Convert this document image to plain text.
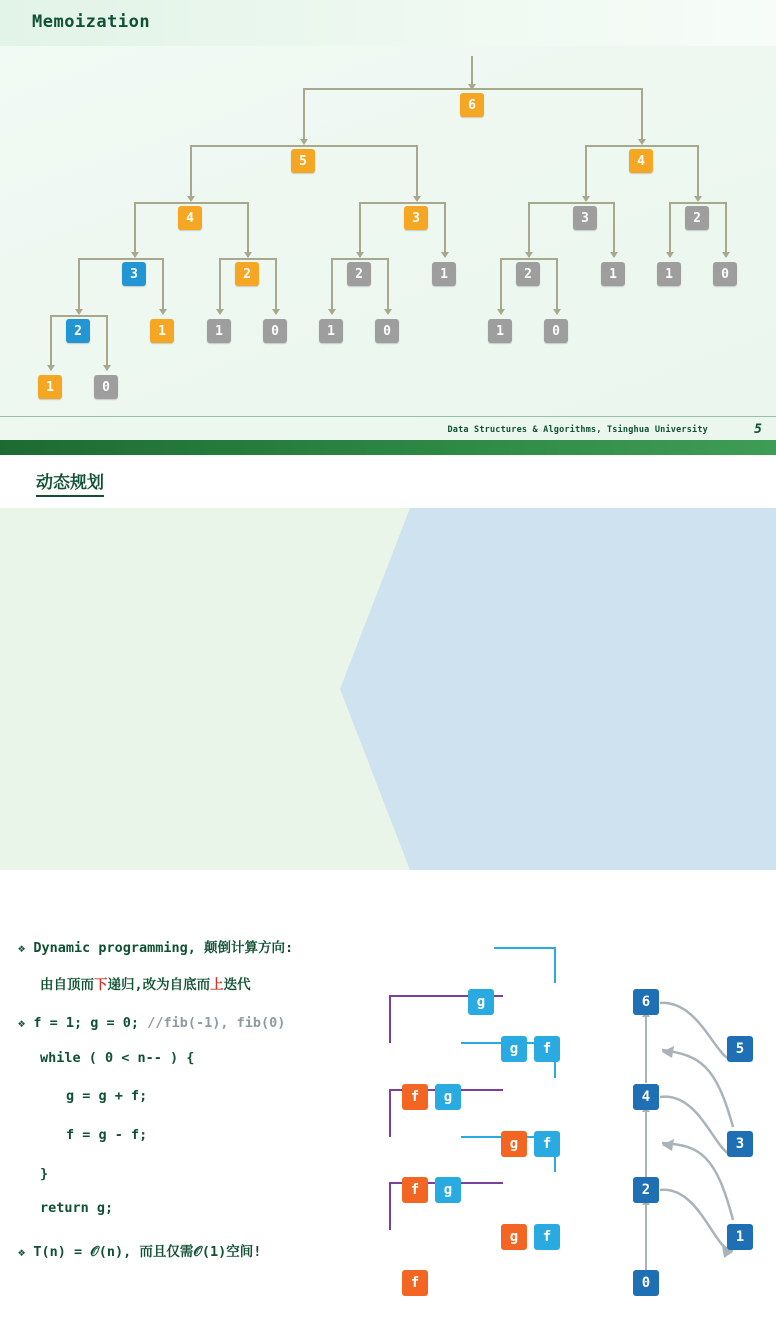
Memoization
6
5	4
4	3	3	2
3	2	2	1	2	1	1	0
2	1	1	0	1	0	1	0
1	0
Data Structures & Algorithms, Tsinghua University	5
动态规划
❖ Dynamic programming, 颠倒计算方向:
由自顶而下递归,改为自底而上迭代
❖ f = 1; g = 0; //fib(-1), fib(0)
while ( 0 < n-- ) {
g = g + f;
f = g - f;
}
return g;
❖ T(n) = 𝒪(n), 而且仅需𝒪(1)空间!
g
g	f
f	g
g	f
f	g
g	f
f
6
5
4
3
2
1
0
